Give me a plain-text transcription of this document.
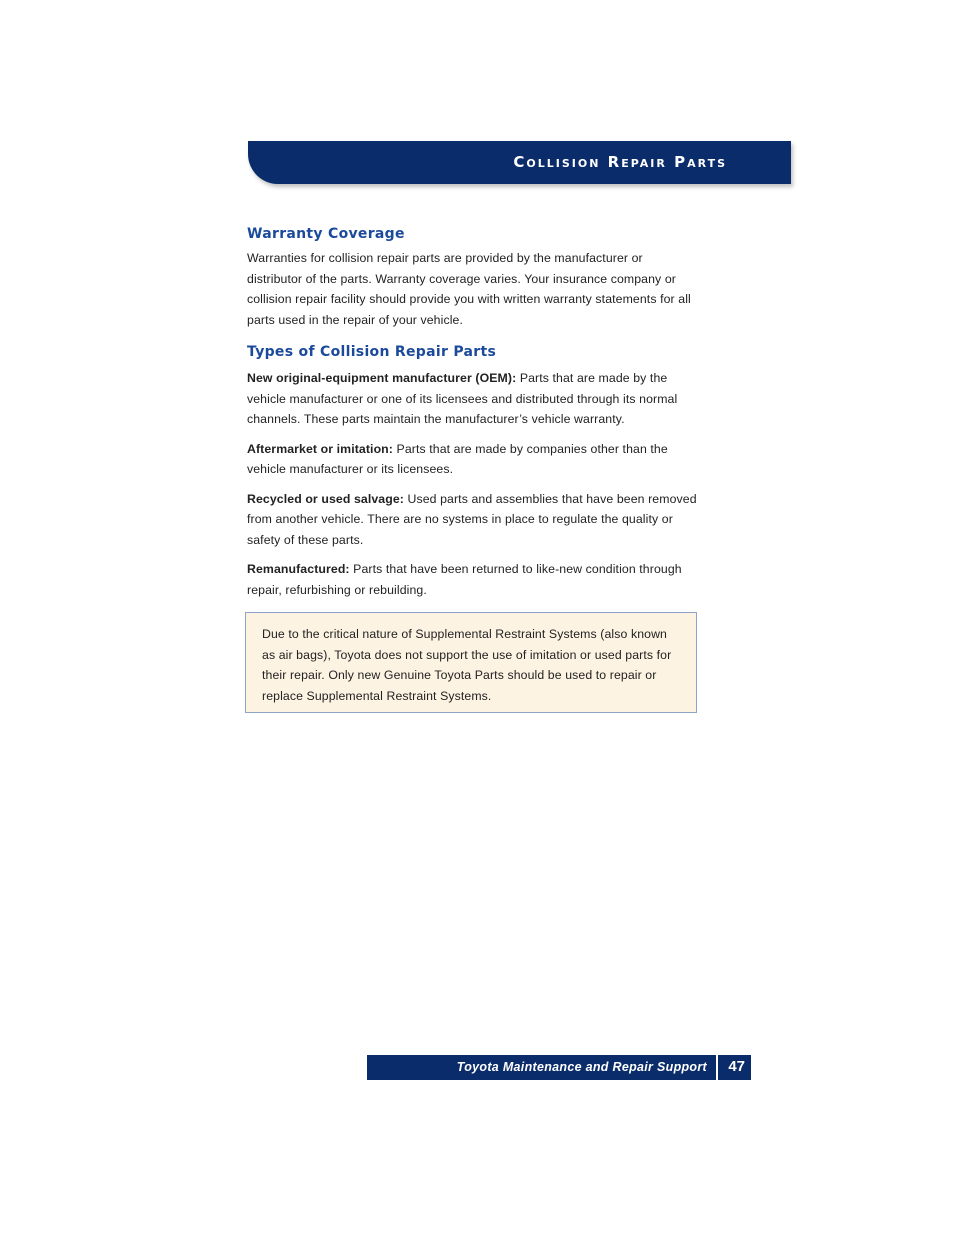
Collision Repair Parts
Warranty Coverage

Warranties for collision repair parts are provided by the manufacturer or distributor of the parts. Warranty coverage varies. Your insurance company or collision repair facility should provide you with written warranty statements for all parts used in the repair of your vehicle.

Types of Collision Repair Parts

New original-equipment manufacturer (OEM): Parts that are made by the vehicle manufacturer or one of its licensees and distributed through its normal channels. These parts maintain the manufacturer’s vehicle warranty.

Aftermarket or imitation: Parts that are made by companies other than the vehicle manufacturer or its licensees.

Recycled or used salvage: Used parts and assemblies that have been removed from another vehicle. There are no systems in place to regulate the quality or safety of these parts.

Remanufactured: Parts that have been returned to like-new condition through repair, refurbishing or rebuilding.

Due to the critical nature of Supplemental Restraint Systems (also known as air bags), Toyota does not support the use of imitation or used parts for their repair. Only new Genuine Toyota Parts should be used to repair or replace Supplemental Restraint Systems.

Toyota Maintenance and Repair Support 47
